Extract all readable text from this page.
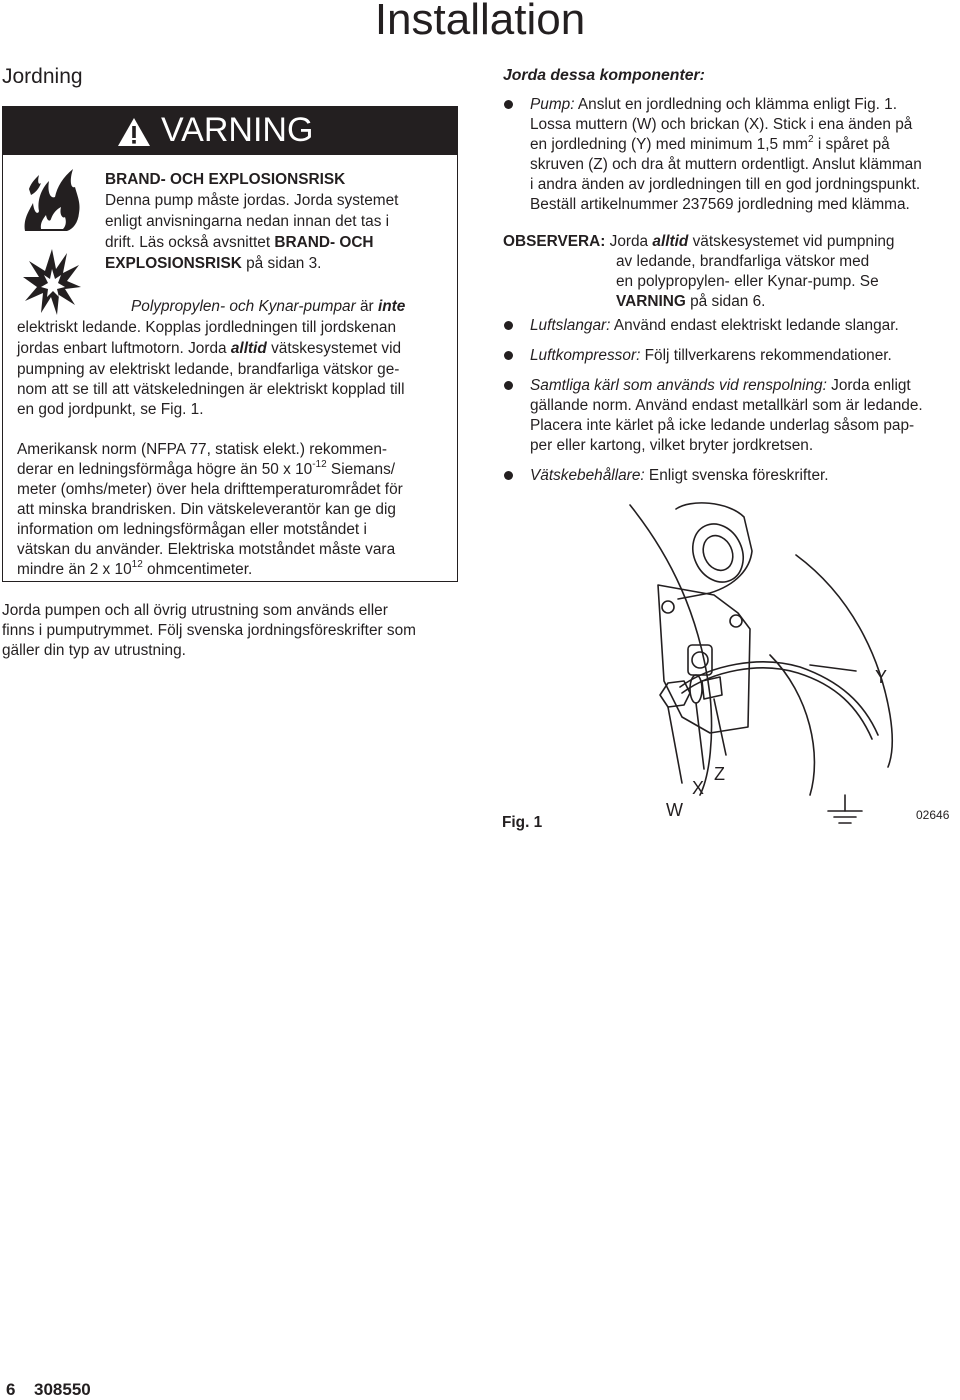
Installation
Jordning
VARNING
BRAND- OCH EXPLOSIONSRISK
Denna pump måste jordas. Jorda systemet
enligt anvisningarna nedan innan det tas i
drift. Läs också avsnittet BRAND- OCH
EXPLOSIONSRISK på sidan 3.
Polypropylen- och Kynar-pumpar är inte
elektriskt ledande. Kopplas jordledningen till jordskenan
jordas enbart luftmotorn. Jorda alltid vätskesystemet vid
pumpning av elektriskt ledande, brandfarliga vätskor ge-
nom att se till att vätskeledningen är elektriskt kopplad till
en god jordpunkt, se Fig. 1.
Amerikansk norm (NFPA 77, statisk elekt.) rekommen-
derar en ledningsförmåga högre än 50 x $10^{-12}$ Siemans/
meter (omhs/meter) över hela drifttemperaturområdet för
att minska brandrisken. Din vätskeleverantör kan ge dig
information om ledningsförmågan eller motståndet i
vätskan du använder. Elektriska motståndet måste vara
mindre än 2 x $10^{12}$ ohmcentimeter.
Jorda pumpen och all övrig utrustning som används eller
finns i pumputrymmet. Följ svenska jordningsföreskrifter som
gäller din typ av utrustning.
Jorda dessa komponenter:
Pump: Anslut en jordledning och klämma enligt Fig. 1.
Lossa muttern (W) och brickan (X). Stick i ena änden på
en jordledning (Y) med minimum 1,5 $mm^2$ i spåret på
skruven (Z) och dra åt muttern ordentligt. Anslut klämman
i andra änden av jordledningen till en god jordningspunkt.
Beställ artikelnummer 237569 jordledning med klämma.
OBSERVERA: Jorda alltid vätskesystemet vid pumpning
av ledande, brandfarliga vätskor med
en polypropylen- eller Kynar-pump. Se
VARNING på sidan 6.
Luftslangar: Använd endast elektriskt ledande slangar.
Luftkompressor: Följ tillverkarens rekommendationer.
Samtliga kärl som används vid renspolning: Jorda enligt
gällande norm. Använd endast metallkärl som är ledande.
Placera inte kärlet på icke ledande underlag såsom pap-
per eller kartong, vilket bryter jordkretsen.
Vätskebehållare: Enligt svenska föreskrifter.
Y
Z
X
W	02646
Fig. 1
6 308550
